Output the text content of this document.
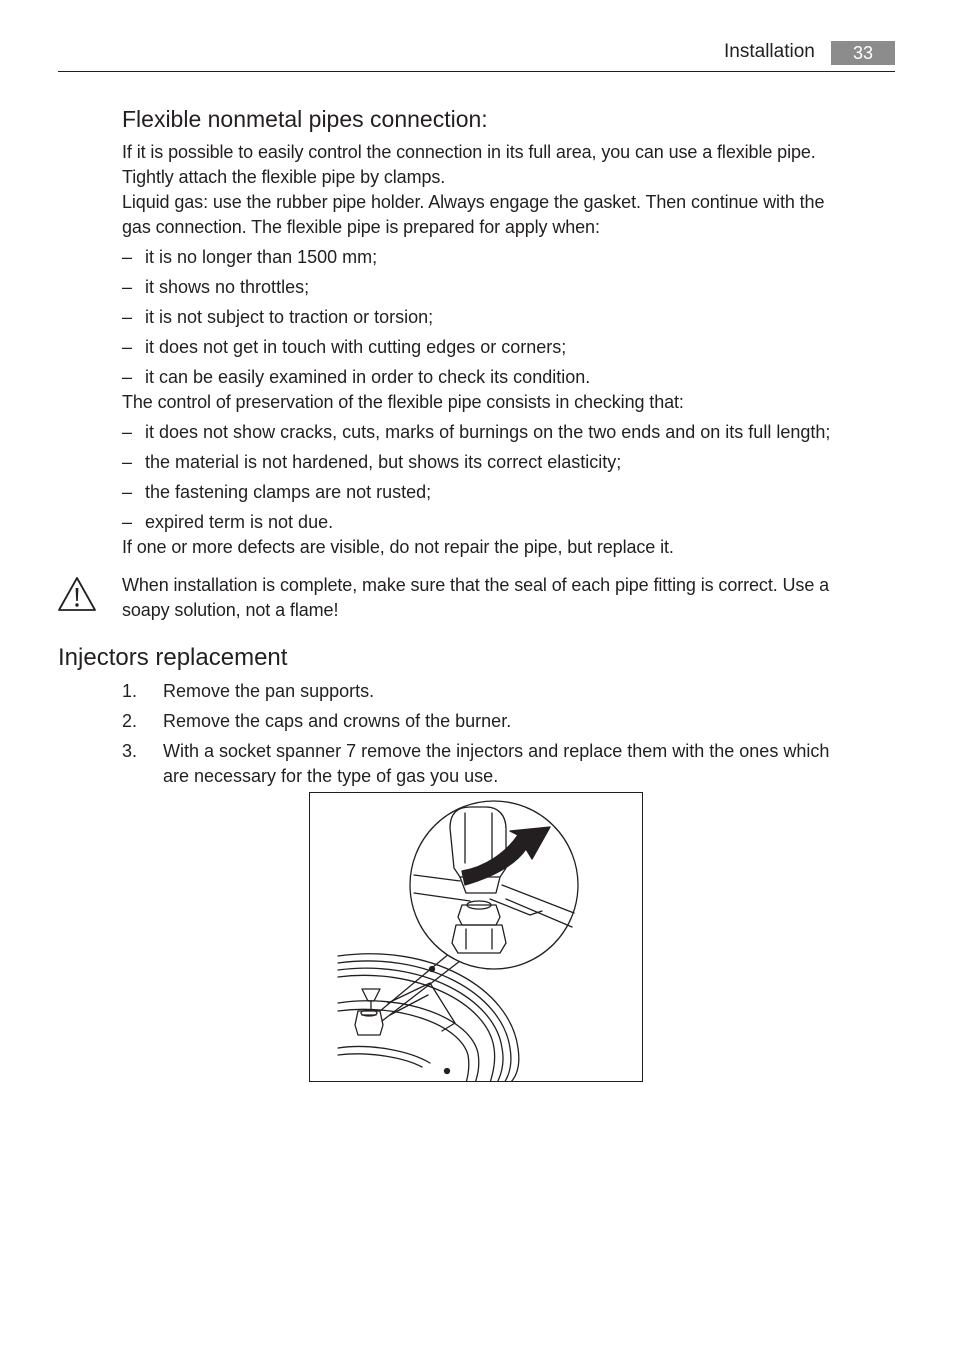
Installation	33
Flexible nonmetal pipes connection:
If it is possible to easily control the connection in its full area, you can use a flexible pipe.
Tightly attach the flexible pipe by clamps.
Liquid gas: use the rubber pipe holder. Always engage the gasket. Then continue with the
gas connection. The flexible pipe is prepared for apply when:
– it is no longer than 1500 mm;
– it shows no throttles;
– it is not subject to traction or torsion;
– it does not get in touch with cutting edges or corners;
– it can be easily examined in order to check its condition.
The control of preservation of the flexible pipe consists in checking that:
– it does not show cracks, cuts, marks of burnings on the two ends and on its full length;
– the material is not hardened, but shows its correct elasticity;
– the fastening clamps are not rusted;
– expired term is not due.
If one or more defects are visible, do not repair the pipe, but replace it.
When installation is complete, make sure that the seal of each pipe fitting is correct. Use a
soapy solution, not a flame!
Injectors replacement
1. Remove the pan supports.
2. Remove the caps and crowns of the burner.
3. With a socket spanner 7 remove the injectors and replace them with the ones which
are necessary for the type of gas you use.
